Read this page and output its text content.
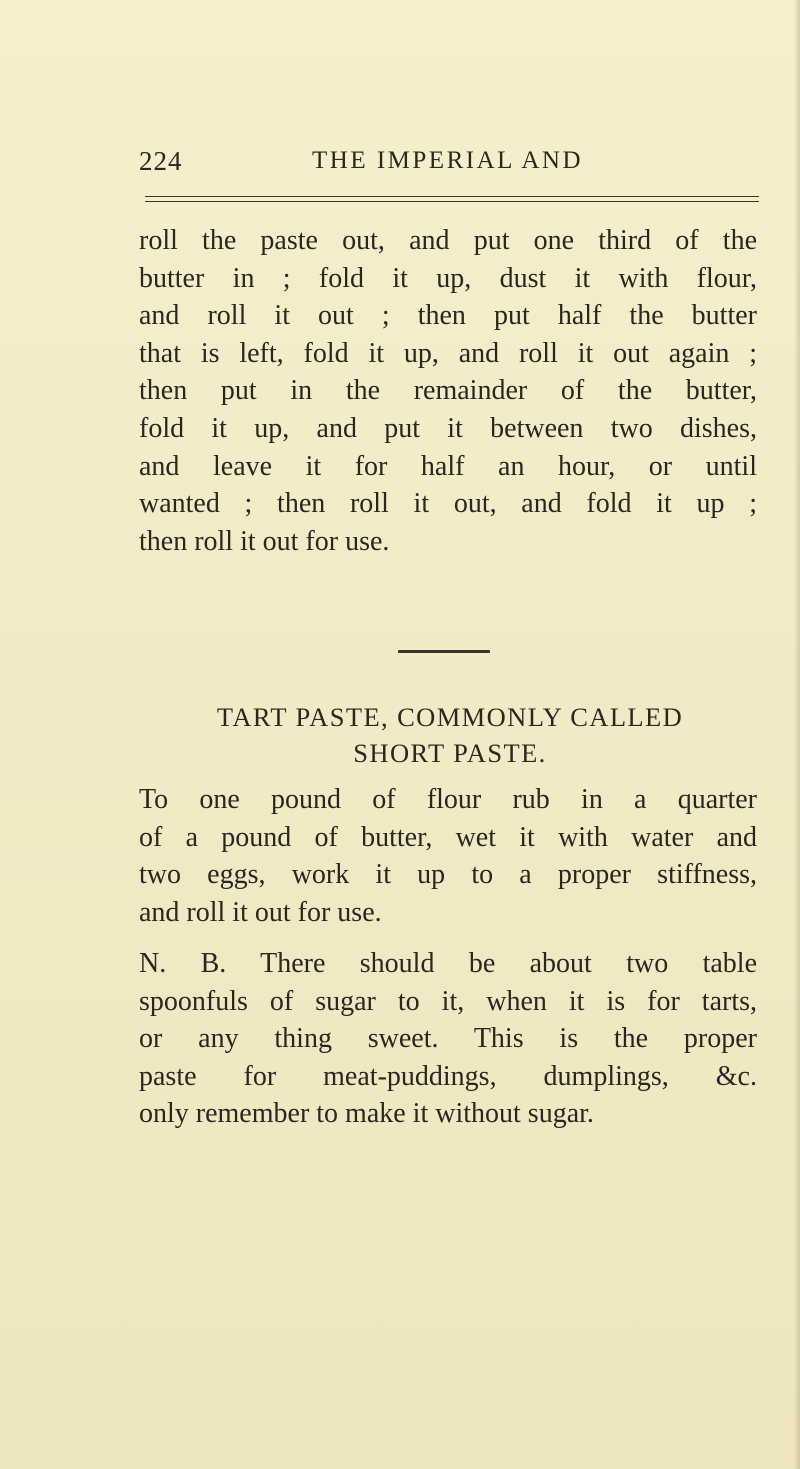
224	THE IMPERIAL AND

roll the paste out, and put one third of the
butter in ; fold it up, dust it with flour,
and roll it out ; then put half the butter
that is left, fold it up, and roll it out again ;
then put in the remainder of the butter,
fold it up, and put it between two dishes,
and leave it for half an hour, or until
wanted ; then roll it out, and fold it up ;
then roll it out for use.

TART PASTE, COMMONLY CALLED
SHORT PASTE.

To one pound of flour rub in a quarter
of a pound of butter, wet it with water and
two eggs, work it up to a proper stiffness,
and roll it out for use.

N. B. There should be about two table
spoonfuls of sugar to it, when it is for tarts,
or any thing sweet. This is the proper
paste for meat-puddings, dumplings, &c.
only remember to make it without sugar.
